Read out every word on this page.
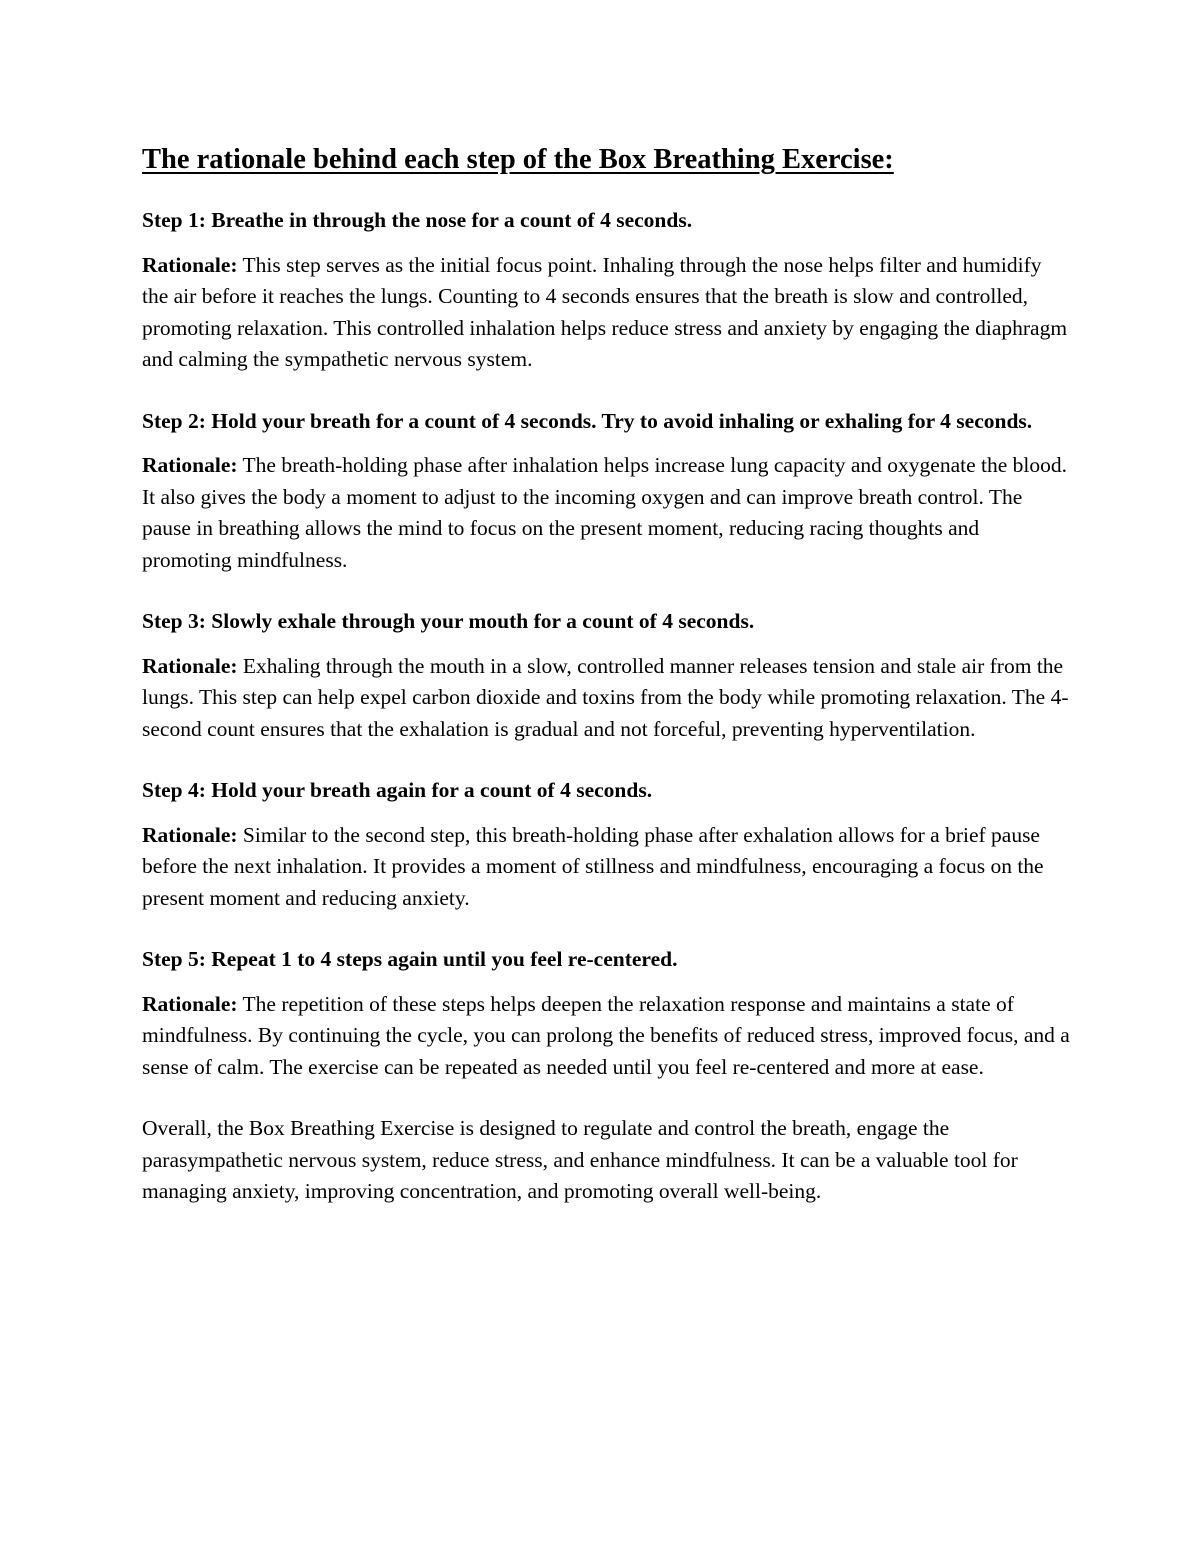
The rationale behind each step of the Box Breathing Exercise:

Step 1: Breathe in through the nose for a count of 4 seconds.

Rationale: This step serves as the initial focus point. Inhaling through the nose helps filter and humidify the air before it reaches the lungs. Counting to 4 seconds ensures that the breath is slow and controlled, promoting relaxation. This controlled inhalation helps reduce stress and anxiety by engaging the diaphragm and calming the sympathetic nervous system.

Step 2: Hold your breath for a count of 4 seconds. Try to avoid inhaling or exhaling for 4 seconds.

Rationale: The breath-holding phase after inhalation helps increase lung capacity and oxygenate the blood. It also gives the body a moment to adjust to the incoming oxygen and can improve breath control. The pause in breathing allows the mind to focus on the present moment, reducing racing thoughts and promoting mindfulness.

Step 3: Slowly exhale through your mouth for a count of 4 seconds.

Rationale: Exhaling through the mouth in a slow, controlled manner releases tension and stale air from the lungs. This step can help expel carbon dioxide and toxins from the body while promoting relaxation. The 4-second count ensures that the exhalation is gradual and not forceful, preventing hyperventilation.

Step 4: Hold your breath again for a count of 4 seconds.

Rationale: Similar to the second step, this breath-holding phase after exhalation allows for a brief pause before the next inhalation. It provides a moment of stillness and mindfulness, encouraging a focus on the present moment and reducing anxiety.

Step 5: Repeat 1 to 4 steps again until you feel re-centered.

Rationale: The repetition of these steps helps deepen the relaxation response and maintains a state of mindfulness. By continuing the cycle, you can prolong the benefits of reduced stress, improved focus, and a sense of calm. The exercise can be repeated as needed until you feel re-centered and more at ease.

Overall, the Box Breathing Exercise is designed to regulate and control the breath, engage the parasympathetic nervous system, reduce stress, and enhance mindfulness. It can be a valuable tool for managing anxiety, improving concentration, and promoting overall well-being.
